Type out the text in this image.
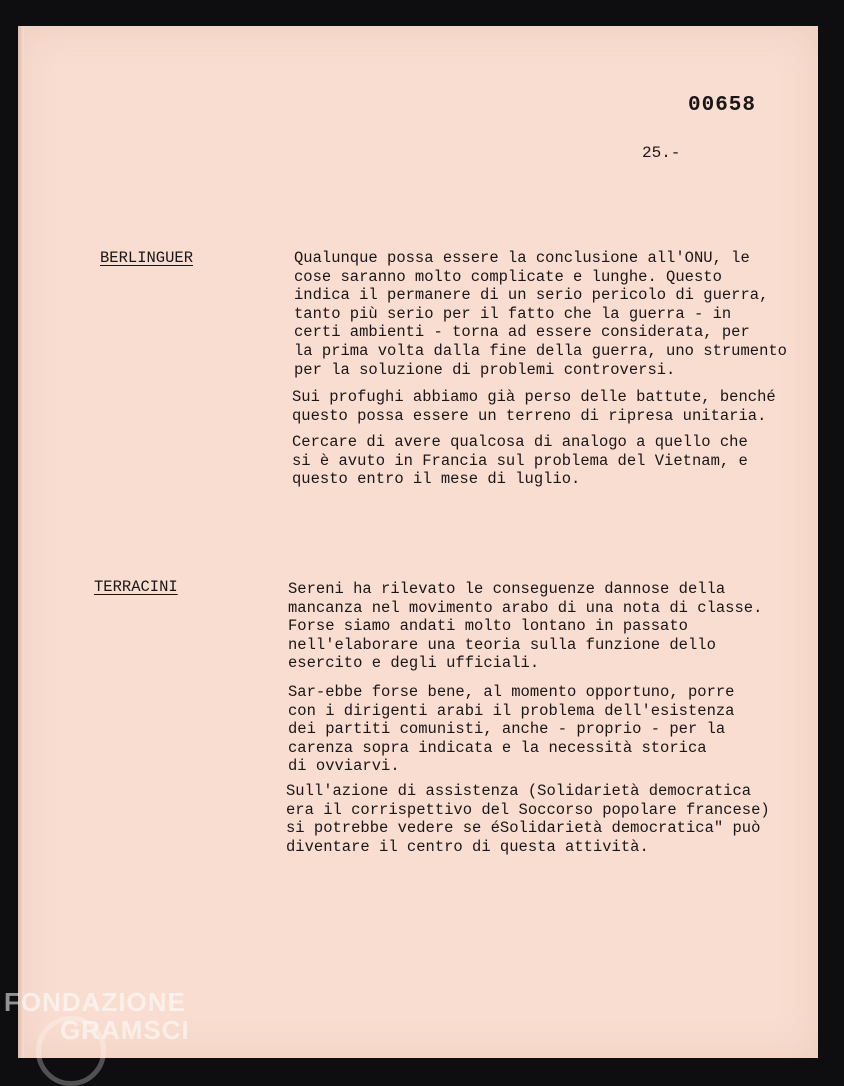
00658
25.-
BERLINGUER	Qualunque possa essere la conclusione all'ONU, le
cose saranno molto complicate e lunghe. Questo
indica il permanere di un serio pericolo di guerra,
tanto più serio per il fatto che la guerra - in
certi ambienti - torna ad essere considerata, per
la prima volta dalla fine della guerra, uno strumento
per la soluzione di problemi controversi.

Sui profughi abbiamo già perso delle battute, benché
questo possa essere un terreno di ripresa unitaria.

Cercare di avere qualcosa di analogo a quello che
si è avuto in Francia sul problema del Vietnam, e
questo entro il mese di luglio.

TERRACINI	Sereni ha rilevato le conseguenze dannose della
mancanza nel movimento arabo di una nota di classe.
Forse siamo andati molto lontano in passato
nell'elaborare una teoria sulla funzione dello
esercito e degli ufficiali.

Sar-ebbe forse bene, al momento opportuno, porre
con i dirigenti arabi il problema dell'esistenza
dei partiti comunisti, anche - proprio - per la
carenza sopra indicata e la necessità storica
di ovviarvi.

Sull'azione di assistenza (Solidarietà democratica
era il corrispettivo del Soccorso popolare francese)
si potrebbe vedere se éSolidarietà democratica" può
diventare il centro di questa attività.

FONDAZIONE
GRAMSCI
